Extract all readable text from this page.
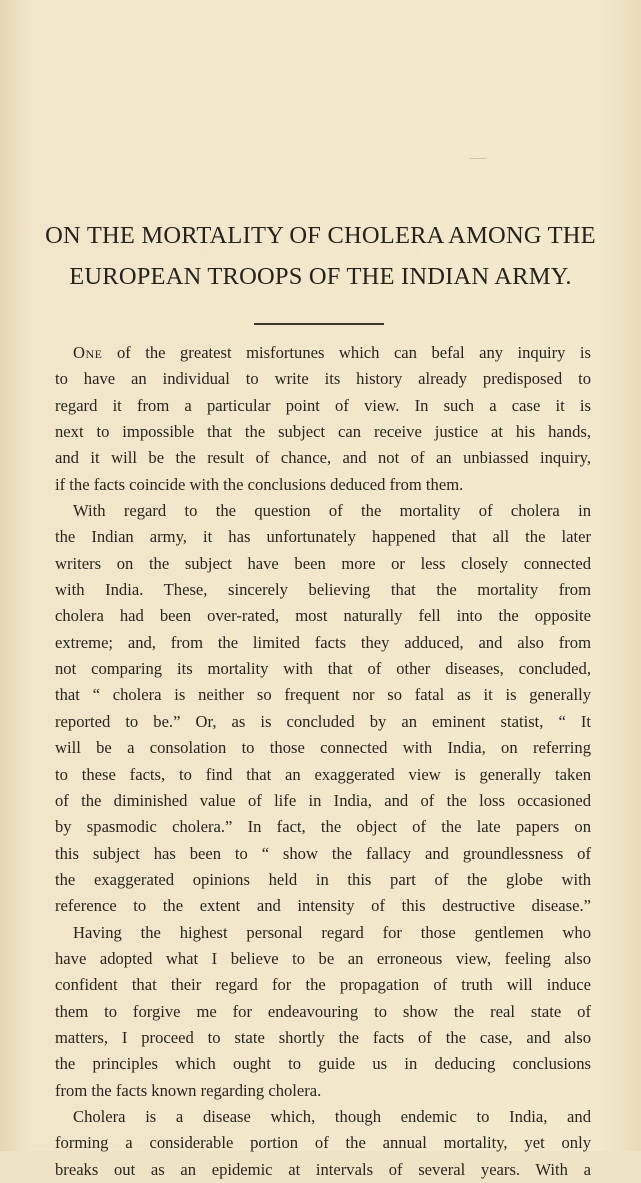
ON THE MORTALITY OF CHOLERA AMONG THE
EUROPEAN TROOPS OF THE INDIAN ARMY.
One of the greatest misfortunes which can befal any inquiry is
to have an individual to write its history already predisposed to
regard it from a particular point of view. In such a case it is
next to impossible that the subject can receive justice at his hands,
and it will be the result of chance, and not of an unbiassed inquiry,
if the facts coincide with the conclusions deduced from them.
With regard to the question of the mortality of cholera in
the Indian army, it has unfortunately happened that all the later
writers on the subject have been more or less closely connected
with India. These, sincerely believing that the mortality from
cholera had been over-rated, most naturally fell into the opposite
extreme; and, from the limited facts they adduced, and also from
not comparing its mortality with that of other diseases, concluded,
that “ cholera is neither so frequent nor so fatal as it is generally
reported to be.” Or, as is concluded by an eminent statist, “ It
will be a consolation to those connected with India, on referring
to these facts, to find that an exaggerated view is generally taken
of the diminished value of life in India, and of the loss occasioned
by spasmodic cholera.” In fact, the object of the late papers on
this subject has been to “ show the fallacy and groundlessness of
the exaggerated opinions held in this part of the globe with
reference to the extent and intensity of this destructive disease.”
Having the highest personal regard for those gentlemen who
have adopted what I believe to be an erroneous view, feeling also
confident that their regard for the propagation of truth will induce
them to forgive me for endeavouring to show the real state of
matters, I proceed to state shortly the facts of the case, and also
the principles which ought to guide us in deducing conclusions
from the facts known regarding cholera.
Cholera is a disease which, though endemic to India, and
forming a considerable portion of the annual mortality, yet only
breaks out as an epidemic at intervals of several years. With a
